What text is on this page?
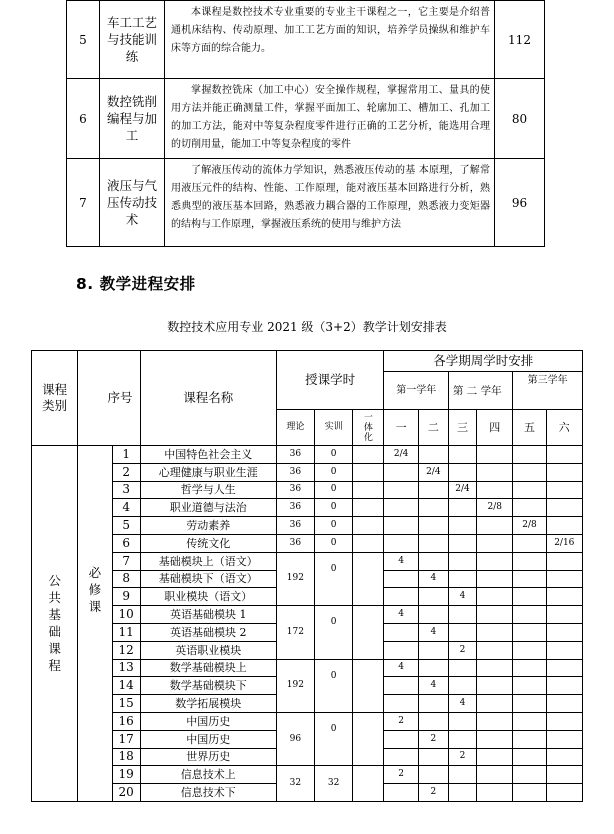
5	车工工艺与技能训练	本课程是数控技术专业重要的专业主干课程之一，它主要是介绍普通机床结构、传动原理、加工工艺方面的知识，培养学员操纵和维护车床等方面的综合能力。	112
6	数控铣削编程与加工	掌握数控铣床（加工中心）安全操作规程，掌握常用工、量具的使用方法并能正确测量工件，掌握平面加工、轮廓加工、槽加工、孔加工的加工方法，能对中等复杂程度零件进行正确的工艺分析，能选用合理的切削用量，能加工中等复杂程度的零件	80
7	液压与气压传动技术	了解液压传动的流体力学知识，熟悉液压传动的基 本原理，了解常用液压元件的结构、性能、工作原理，能对液压基本回路进行分析，熟悉典型的液压基本回路，熟悉液力耦合器的工作原理，熟悉液力变矩器的结构与工作原理，掌握液压系统的使用与维护方法	96
8. 教学进程安排
数控技术应用专业 2021 级（3+2）教学计划安排表
课程类别	序号		课程名称	授课学时			各学期周学时安排					
							第一学年		第 二 学年		第三学年	
				理论	实训	一体化	一	二	三	四	五	六
公共基础课程	必修课	1	中国特色社会主义	36	0		2/4					
		2	心理健康与职业生涯	36	0			2/4				
		3	哲学与人生	36	0				2/4			
		4	职业道德与法治	36	0					2/8		
		5	劳动素养	36	0						2/8	
		6	传统文化	36	0							2/16
		7	基础模块上（语文）	192	0		4					
		8	基础模块下（语文）					4				
		9	职业模块（语文）						4			
		10	英语基础模块 1	172	0		4					
		11	英语基础模块 2					4				
		12	英语职业模块						2			
		13	数学基础模块上	192	0		4					
		14	数学基础模块下					4				
		15	数学拓展模块						4			
		16	中国历史	96	0		2					
		17	中国历史					2				
		18	世界历史						2			
		19	信息技术上	32	32		2					
		20	信息技术下					2				
